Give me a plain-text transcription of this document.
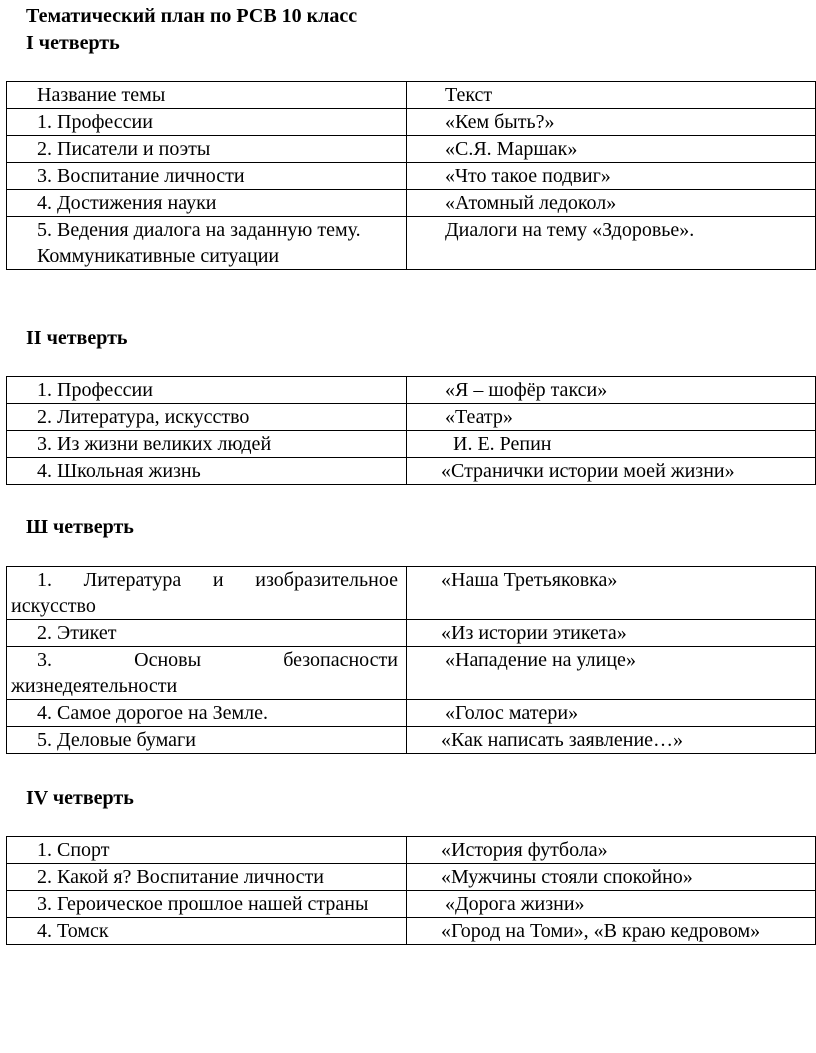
Тематический план по РСВ 10 класс
I четверть
Название темы	Текст
1. Профессии	«Кем быть?»
2. Писатели и поэты	«С.Я. Маршак»
3. Воспитание личности	«Что такое подвиг»
4. Достижения науки	«Атомный ледокол»

5. Ведения диалога на заданную тему.
Коммуникативные ситуации	Диалоги на тему «Здоровье».
II четверть
1. Профессии	«Я – шофёр такси»
2. Литература, искусство	«Театр»
3. Из жизни великих людей	И. Е. Репин
4. Школьная жизнь	«Странички истории моей жизни»
Ш четверть
1. Литература и изобразительное искусство	«Наша Третьяковка»
2. Этикет	«Из истории этикета»
3. Основы безопасности жизнедеятельности	«Нападение на улице»
4. Самое дорогое на Земле.	«Голос матери»
5. Деловые бумаги	«Как написать заявление…»
IV четверть
1. Спорт	«История футбола»
2. Какой я? Воспитание личности	«Мужчины стояли спокойно»
3. Героическое прошлое нашей страны	«Дорога жизни»
4. Томск	«Город на Томи», «В краю кедровом»
